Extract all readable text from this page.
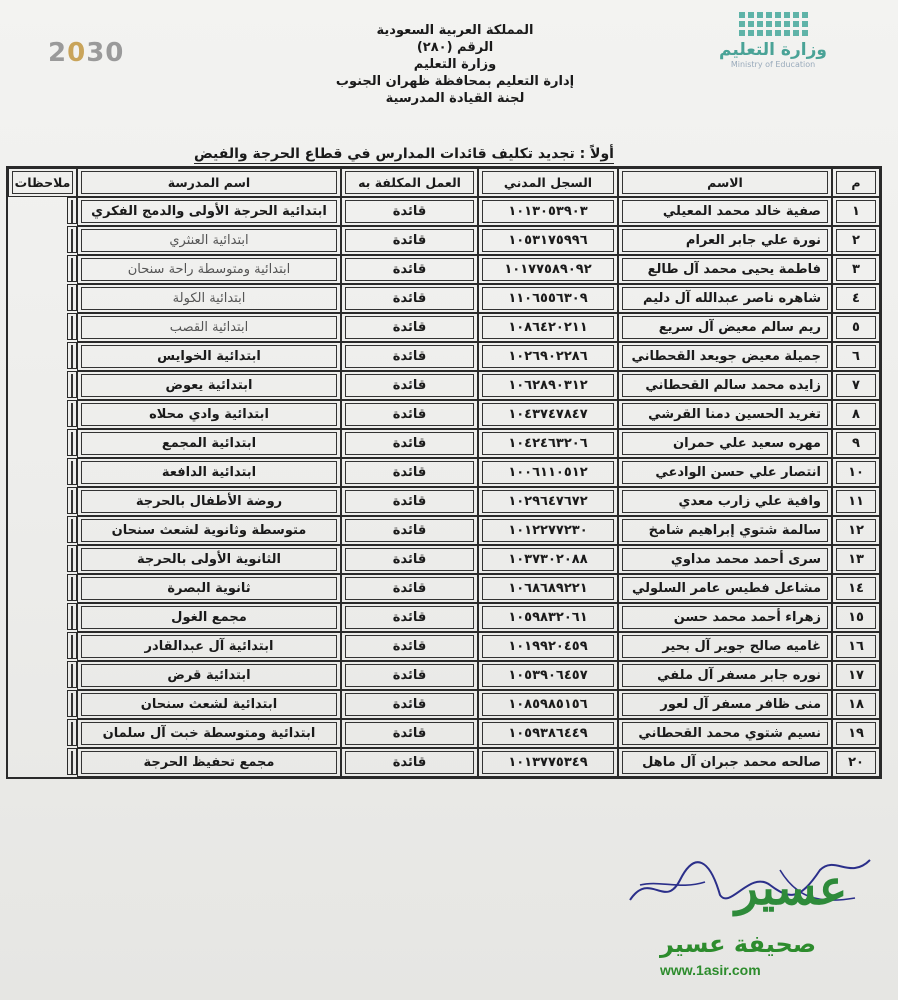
2030	وزارة التعليم
Ministry of Education
المملكة العربية السعودية
الرقم (٢٨٠)
وزارة التعليم
إدارة التعليم بمحافظة ظهران الجنوب
لجنة القيادة المدرسية
أولاً : تجديد تكليف قائدات المدارس في قطاع الحرجة والفيض
م	الاسم	السجل المدني	العمل المكلفة به	اسم المدرسة	ملاحظات

١	صفية خالد محمد المعيلي	١٠١٣٠٥٣٩٠٣	قائدة	ابتدائية الحرجة الأولى والدمج الفكري	

٢	نورة علي جابر العرام	١٠٥٣١٧٥٩٩٦	قائدة	ابتدائية العنثري	

٣	فاطمة يحيى محمد آل طالع	١٠١٧٧٥٨٩٠٩٢	قائدة	ابتدائية ومتوسطة راحة سنحان	

٤	شاهره ناصر عبدالله آل دليم	١١٠٦٥٥٦٣٠٩	قائدة	ابتدائية الكولة	

٥	ريم سالم معيض آل سريع	١٠٨٦٤٢٠٢١١	قائدة	ابتدائية القصب	

٦	جميلة معيض جويعد القحطاني	١٠٢٦٩٠٢٢٨٦	قائدة	ابتدائية الخوايس	

٧	زايده محمد سالم القحطاني	١٠٦٢٨٩٠٣١٢	قائدة	ابتدائية يعوض	

٨	تغريد الحسين دمنا القرشي	١٠٤٣٧٤٧٨٤٧	قائدة	ابتدائية وادي محلاه	

٩	مهره سعيد علي حمران	١٠٤٢٤٦٣٢٠٦	قائدة	ابتدائية المجمع	

١٠	انتصار علي حسن الوادعي	١٠٠٦١١٠٥١٢	قائدة	ابتدائية الدافعة	

١١	وافية علي زارب معدي	١٠٢٩٦٤٧٦٧٢	قائدة	روضة الأطفال بالحرجة	

١٢	سالمة شتوي إبراهيم شامخ	١٠١٢٢٧٧٢٣٠	قائدة	متوسطة وثانوية لشعث سنحان	

١٣	سرى أحمد محمد مداوي	١٠٣٧٣٠٢٠٨٨	قائدة	الثانوية الأولى بالحرجة	

١٤	مشاعل فطيس عامر السلولي	١٠٦٨٦٨٩٢٢١	قائدة	ثانوية البصرة	

١٥	زهراء أحمد محمد حسن	١٠٥٩٨٣٢٠٦١	قائدة	مجمع الغول	

١٦	غاميه صالح جوير آل بحير	١٠١٩٩٢٠٤٥٩	قائدة	ابتدائية آل عبدالقادر	

١٧	نوره جابر مسفر آل ملفي	١٠٥٣٩٠٦٤٥٧	قائدة	ابتدائية قرض	

١٨	منى ظافر مسفر آل لعور	١٠٨٥٩٨٥١٥٦	قائدة	ابتدائية لشعث سنحان	

١٩	نسيم شتوي محمد القحطاني	١٠٥٩٣٨٦٤٤٩	قائدة	ابتدائية ومتوسطة خبت آل سلمان	

٢٠	صالحه محمد جبران آل ماهل	١٠١٣٧٧٥٣٤٩	قائدة	مجمع تحفيظ الحرجة	

عسير
صحيفة عسير
www.1asir.com
